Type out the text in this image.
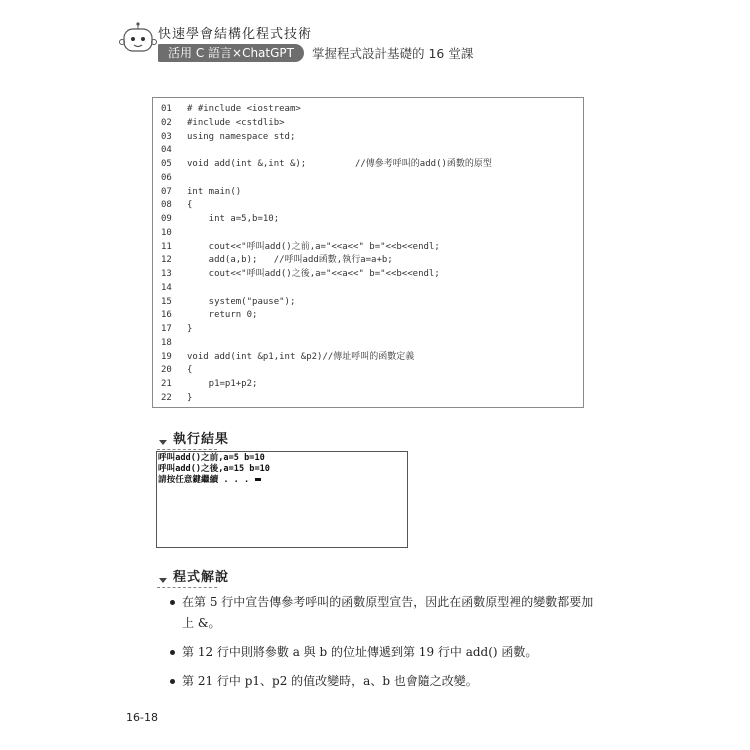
快速學會結構化程式技術
活用 C 語言×ChatGPT	掌握程式設計基礎的 16 堂課
01	# #include <iostream>
02	#include <cstdlib>
03	using namespace std;
04
05	void add(int &,int &);         //傳參考呼叫的add()函數的原型
06
07	int main()
08	{
09	int a=5,b=10;
10
11	cout<<"呼叫add()之前,a="<<a<<" b="<<b<<endl;
12	add(a,b);   //呼叫add函數,執行a=a+b;
13	cout<<"呼叫add()之後,a="<<a<<" b="<<b<<endl;
14
15	system("pause");
16	return 0;
17	}
18
19	void add(int &p1,int &p2)//傳址呼叫的函數定義
20	{
21	p1=p1+p2;
22	}
執行結果
呼叫add()之前,a=5 b=10
呼叫add()之後,a=15 b=10
請按任意鍵繼續 . . .
程式解說
在第 5 行中宣告傳參考呼叫的函數原型宣告，因此在函數原型裡的變數都要加上 &。
第 12 行中則將參數 a 與 b 的位址傳遞到第 19 行中 add() 函數。
第 21 行中 p1、p2 的值改變時，a、b 也會隨之改變。
16-18
